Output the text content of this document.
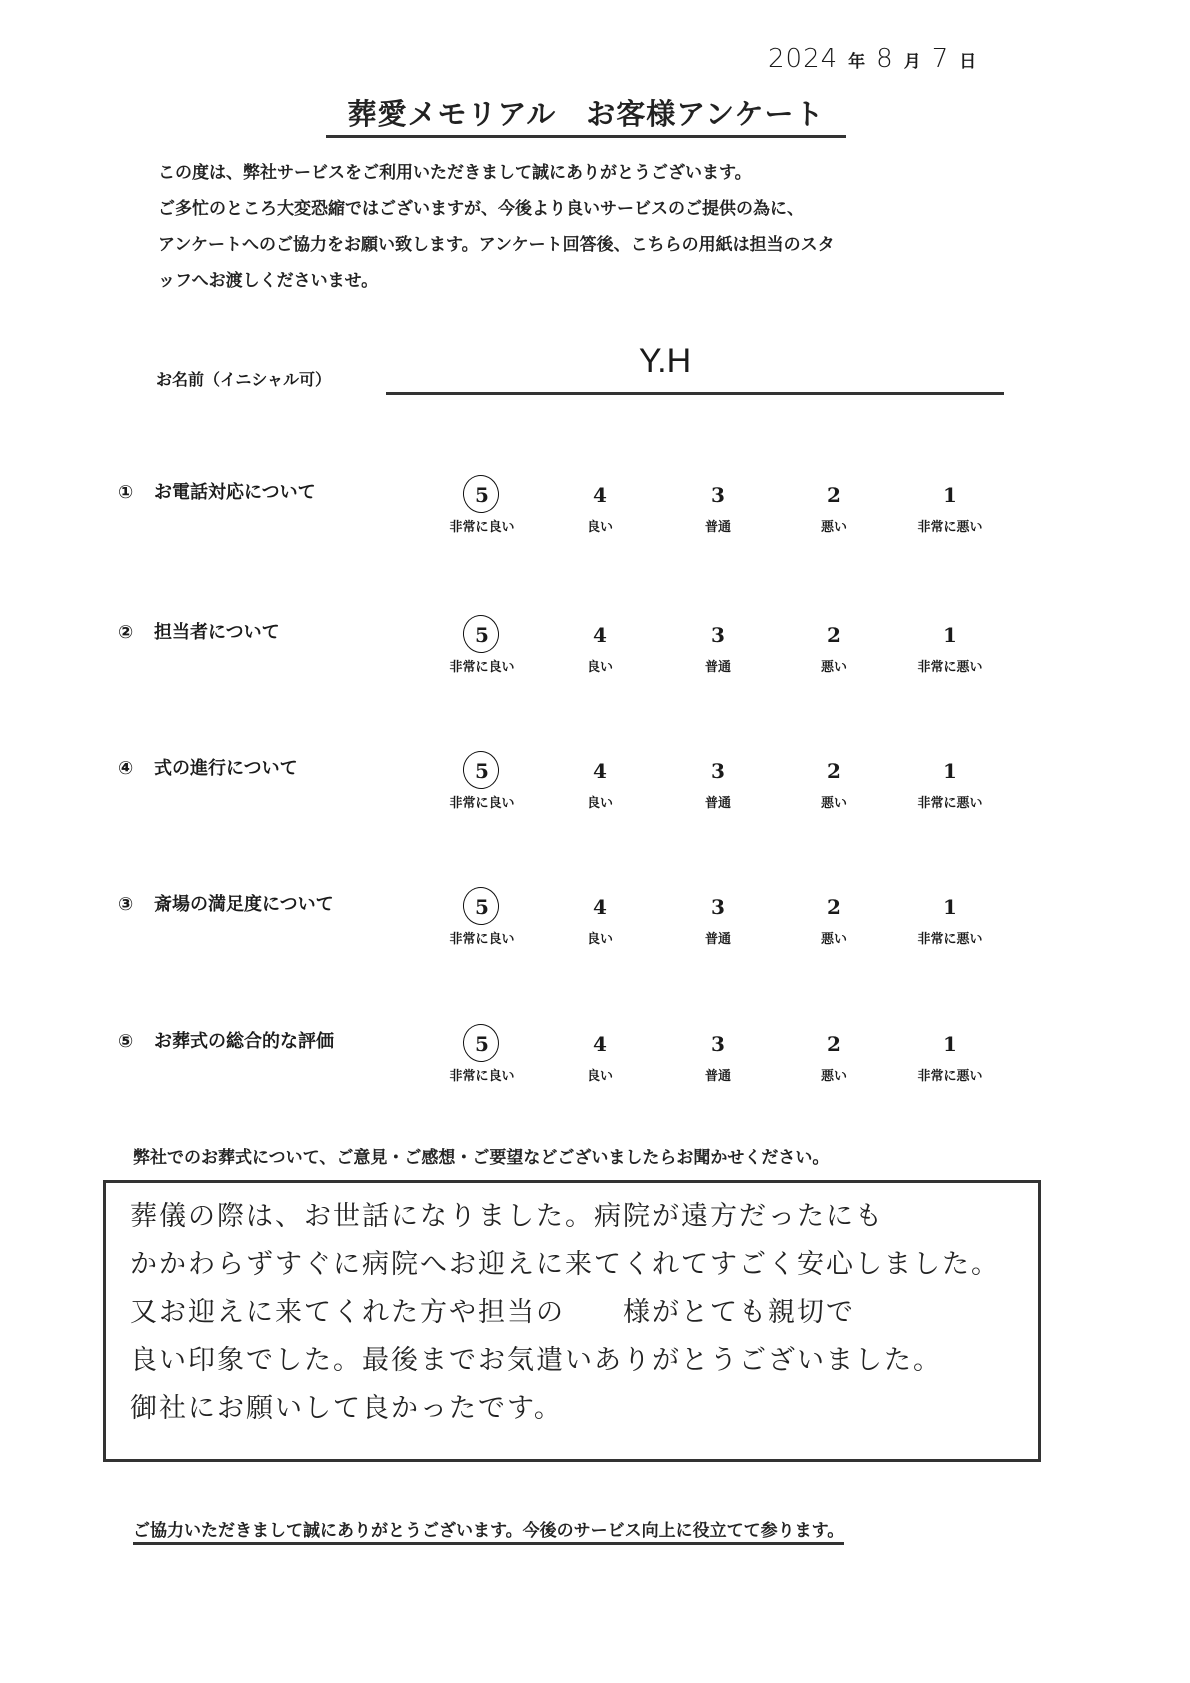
2024 年 8 月 7 日
葬愛メモリアル　お客様アンケート
この度は、弊社サービスをご利用いただきまして誠にありがとうございます。
ご多忙のところ大変恐縮ではございますが、今後より良いサービスのご提供の為に、
アンケートへのご協力をお願い致します。アンケート回答後、こちらの用紙は担当のスタ
ッフへお渡しくださいませ。
お名前（イニシャル可）	Y.H
① お電話対応について	5
非常に良い
4
良い
3
普通
2
悪い
1
非常に悪い
② 担当者について	5
非常に良い
4
良い
3
普通
2
悪い
1
非常に悪い
④ 式の進行について	5
非常に良い
4
良い
3
普通
2
悪い
1
非常に悪い
③ 斎場の満足度について	5
非常に良い
4
良い
3
普通
2
悪い
1
非常に悪い
⑤ お葬式の総合的な評価	5
非常に良い
4
良い
3
普通
2
悪い
1
非常に悪い
弊社でのお葬式について、ご意見・ご感想・ご要望などございましたらお聞かせください。
葬儀の際は、お世話になりました。病院が遠方だったにも
かかわらずすぐに病院へお迎えに来てくれてすごく安心しました。
又お迎えに来てくれた方や担当の　　様がとても親切で
良い印象でした。最後までお気遣いありがとうございました。
御社にお願いして良かったです。
ご協力いただきまして誠にありがとうございます。今後のサービス向上に役立てて参ります。
